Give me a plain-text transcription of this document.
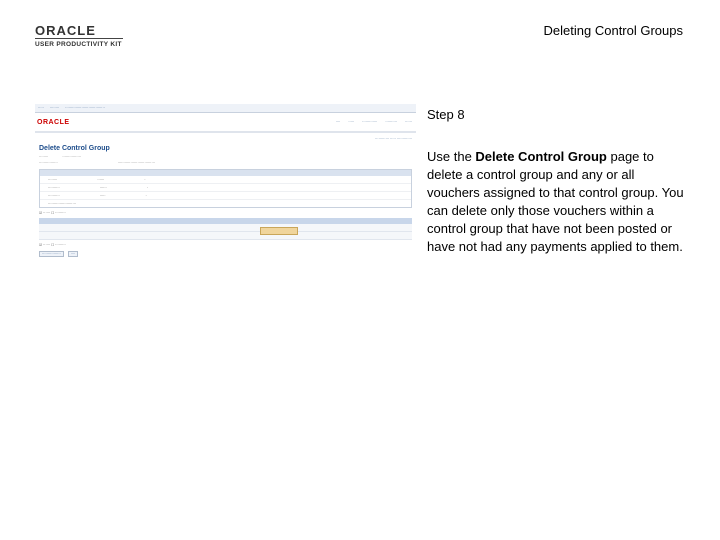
ORACLE
USER PRODUCTIVITY KIT
Deleting Control Groups
····· ········ ··································
ORACLE	···· ····· ············· ·········· ······
············ ····· ·············
Delete Control Group
········	················
················	································
········	······	·
··········	······	·
··········	·····	·
························
☑ ······ ☐ ·········
☑ ······ ☐ ·········
················	····
Step 8
Use the Delete Control Group page to delete a control group and any or all vouchers assigned to that control group. You can delete only those vouchers within a control group that have not been posted or have not had any payments applied to them.
